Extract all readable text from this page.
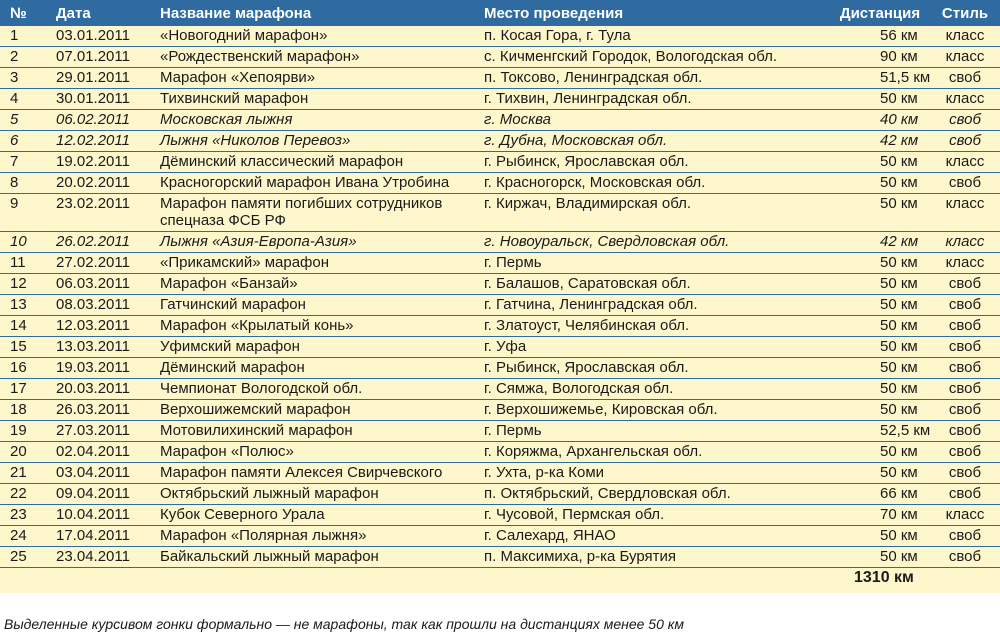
№	Дата	Название марафона	Место проведения	Дистанция	Стиль
1	03.01.2011	«Новогодний марафон»	п. Косая Гора, г. Тула	56 км	класс
2	07.01.2011	«Рождественский марафон»	с. Кичменгский Городок, Вологодская обл.	90 км	класс
3	29.01.2011	Марафон «Хепоярви»	п. Токсово, Ленинградская обл.	51,5 км	своб
4	30.01.2011	Тихвинский марафон	г. Тихвин, Ленинградская обл.	50 км	класс
5	06.02.2011	Московская лыжня	г. Москва	40 км	своб
6	12.02.2011	Лыжня «Николов Перевоз»	г. Дубна, Московская обл.	42 км	своб
7	19.02.2011	Дёминский классический марафон	г. Рыбинск, Ярославская обл.	50 км	класс
8	20.02.2011	Красногорский марафон Ивана Утробина	г. Красногорск, Московская обл.	50 км	своб
9	23.02.2011	Марафон памяти погибших сотрудников спецназа ФСБ РФ	г. Киржач, Владимирская обл.	50 км	класс
10	26.02.2011	Лыжня «Азия-Европа-Азия»	г. Новоуральск, Свердловская обл.	42 км	класс
11	27.02.2011	«Прикамский» марафон	г. Пермь	50 км	класс
12	06.03.2011	Марафон «Банзай»	г. Балашов, Саратовская обл.	50 км	своб
13	08.03.2011	Гатчинский марафон	г. Гатчина, Ленинградская обл.	50 км	своб
14	12.03.2011	Марафон «Крылатый конь»	г. Златоуст, Челябинская обл.	50 км	своб
15	13.03.2011	Уфимский марафон	г. Уфа	50 км	своб
16	19.03.2011	Дёминский марафон	г. Рыбинск, Ярославская обл.	50 км	своб
17	20.03.2011	Чемпионат Вологодской обл.	г. Сямжа, Вологодская обл.	50 км	своб
18	26.03.2011	Верхошижемский марафон	г. Верхошижемье, Кировская обл.	50 км	своб
19	27.03.2011	Мотовилихинский марафон	г. Пермь	52,5 км	своб
20	02.04.2011	Марафон «Полюс»	г. Коряжма, Архангельская обл.	50 км	своб
21	03.04.2011	Марафон памяти Алексея Свирчевского	г. Ухта, р-ка Коми	50 км	своб
22	09.04.2011	Октябрьский лыжный марафон	п. Октябрьский, Свердловская обл.	66 км	своб
23	10.04.2011	Кубок Северного Урала	г. Чусовой, Пермская обл.	70 км	класс
24	17.04.2011	Марафон «Полярная лыжня»	г. Салехард, ЯНАО	50 км	своб
25	23.04.2011	Байкальский лыжный марафон	п. Максимиха, р-ка Бурятия	50 км	своб
				1310 км	
Выделенные курсивом гонки формально — не марафоны, так как прошли на дистанциях менее 50 км
